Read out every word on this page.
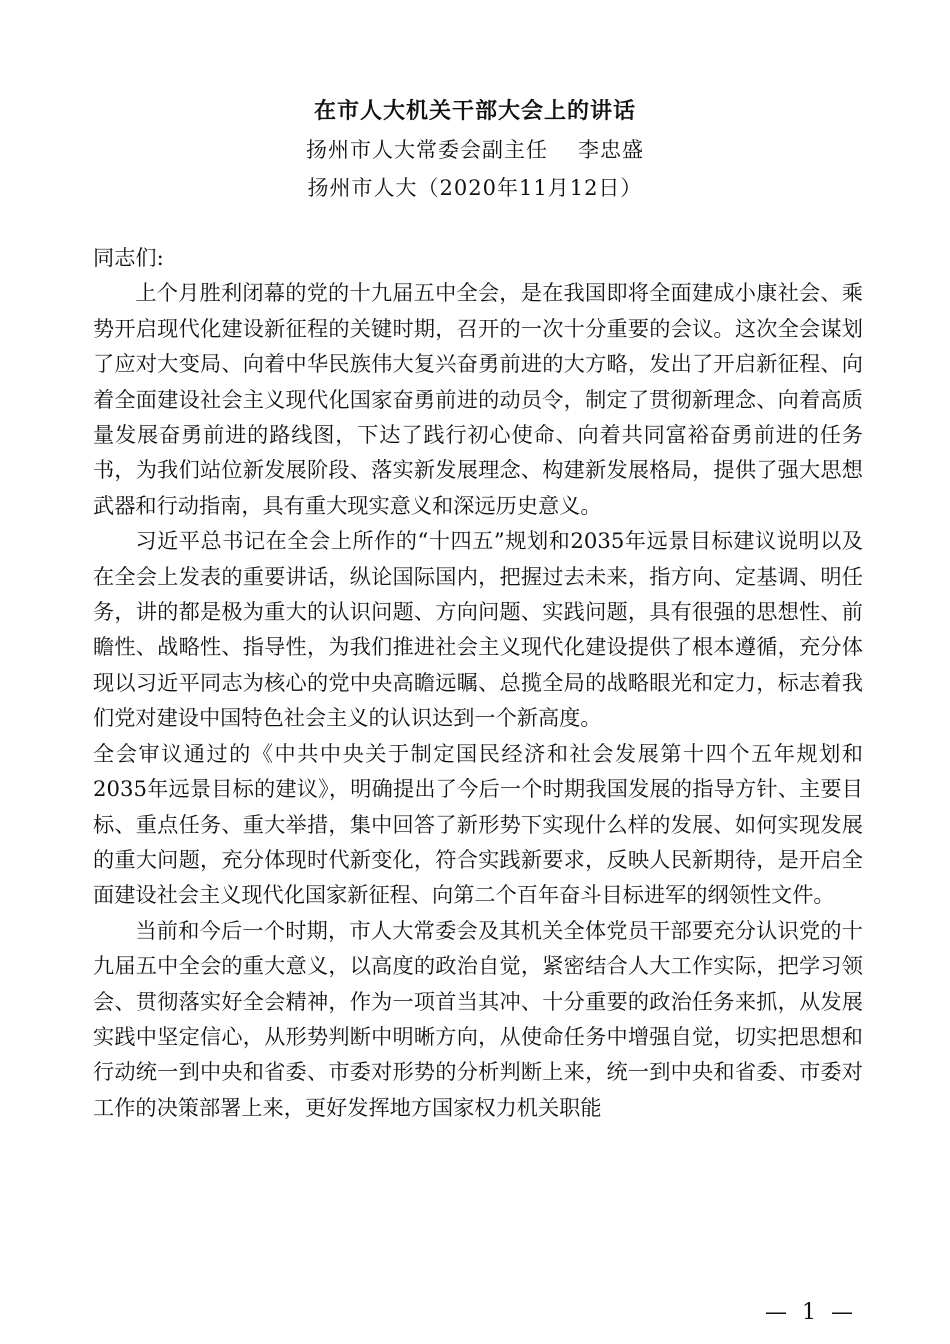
在市人大机关干部大会上的讲话
扬州市人大常委会副主任 李忠盛
扬州市人大（2020年11月12日）

同志们:

上个月胜利闭幕的党的十九届五中全会，是在我国即将全面建成小康社会、乘势开启现代化建设新征程的关键时期，召开的一次十分重要的会议。这次全会谋划了应对大变局、向着中华民族伟大复兴奋勇前进的大方略，发出了开启新征程、向着全面建设社会主义现代化国家奋勇前进的动员令，制定了贯彻新理念、向着高质量发展奋勇前进的路线图，下达了践行初心使命、向着共同富裕奋勇前进的任务书，为我们站位新发展阶段、落实新发展理念、构建新发展格局，提供了强大思想武器和行动指南，具有重大现实意义和深远历史意义。

习近平总书记在全会上所作的“十四五”规划和2035年远景目标建议说明以及在全会上发表的重要讲话，纵论国际国内，把握过去未来，指方向、定基调、明任务，讲的都是极为重大的认识问题、方向问题、实践问题，具有很强的思想性、前瞻性、战略性、指导性，为我们推进社会主义现代化建设提供了根本遵循，充分体现以习近平同志为核心的党中央高瞻远瞩、总揽全局的战略眼光和定力，标志着我们党对建设中国特色社会主义的认识达到一个新高度。

全会审议通过的《中共中央关于制定国民经济和社会发展第十四个五年规划和2035年远景目标的建议》，明确提出了今后一个时期我国发展的指导方针、主要目标、重点任务、重大举措，集中回答了新形势下实现什么样的发展、如何实现发展的重大问题，充分体现时代新变化，符合实践新要求，反映人民新期待，是开启全面建设社会主义现代化国家新征程、向第二个百年奋斗目标进军的纲领性文件。

当前和今后一个时期，市人大常委会及其机关全体党员干部要充分认识党的十九届五中全会的重大意义，以高度的政治自觉，紧密结合人大工作实际，把学习领会、贯彻落实好全会精神，作为一项首当其冲、十分重要的政治任务来抓，从发展实践中坚定信心，从形势判断中明晰方向，从使命任务中增强自觉，切实把思想和行动统一到中央和省委、市委对形势的分析判断上来，统一到中央和省委、市委对工作的决策部署上来，更好发挥地方国家权力机关职能

— 1 —
